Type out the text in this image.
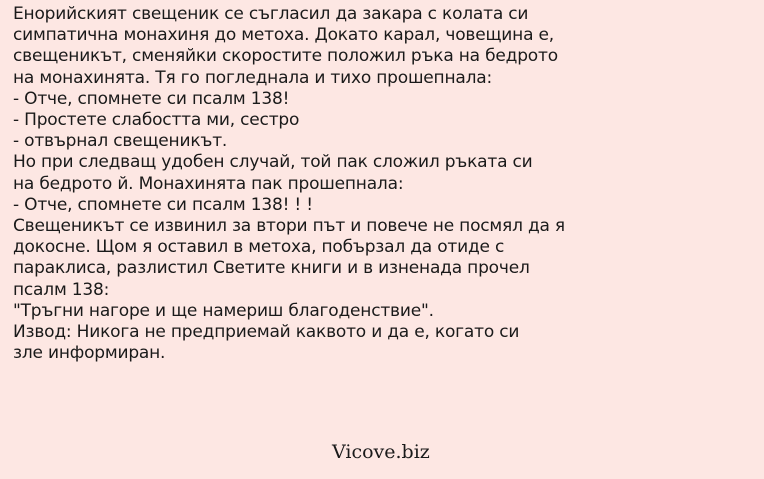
Енорийският свещеник се съгласил да закара с колата си
симпатична монахиня до метоха. Докато карал, човещина е,
свещеникът, сменяйки скоростите положил ръка на бедрото
на монахинята. Тя го погледнала и тихо прошепнала:
- Отче, спомнете си псалм 138!
- Простете слабостта ми, сестро
- отвърнал свещеникът.
Но при следващ удобен случай, той пак сложил ръката си
на бедрото й. Монахинята пак прошепнала:
- Отче, спомнете си псалм 138! ! !
Свещеникът се извинил за втори път и повече не посмял да я
докосне. Щом я оставил в метоха, побързал да отиде с
параклиса, разлистил Светите книги и в изненада прочел
псалм 138:
"Тръгни нагоре и ще намериш благоденствие".
Извод: Никога не предприемай каквото и да е, когато си
зле информиран.
Vicove.biz
